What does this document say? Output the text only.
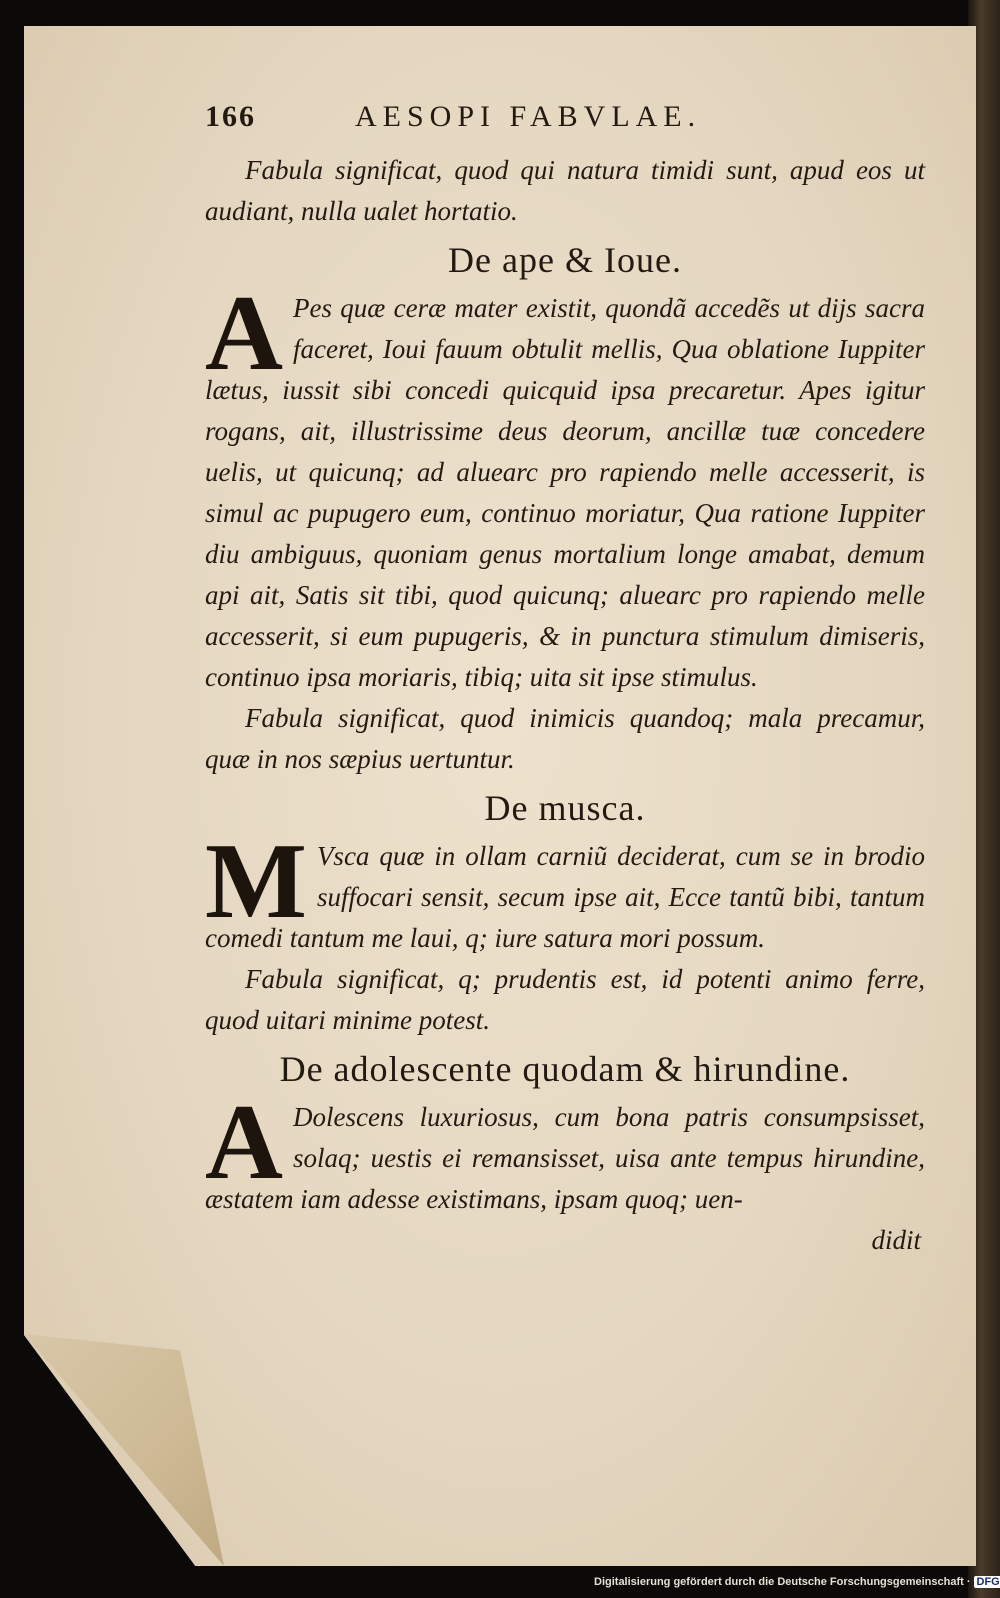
166	AESOPI FABVLAE.

Fabula significat, quod qui natura timidi sunt, apud eos ut audiant, nulla ualet hortatio.

De ape & Ioue.

A Pes quæ ceræ mater existit, quondã accedẽs ut dijs sacra faceret, Ioui fauum obtulit mellis, Qua oblatione Iuppiter lætus, iussit sibi concedi quicquid ipsa precaretur. Apes igitur rogans, ait, illustrissime deus deorum, ancillæ tuæ concedere uelis, ut quicunq; ad aluearc pro rapiendo melle accesserit, is simul ac pupugero eum, continuo moriatur, Qua ratione Iuppiter diu ambiguus, quoniam genus mortalium longe amabat, demum api ait, Satis sit tibi, quod quicunq; aluearc pro rapiendo melle accesserit, si eum pupugeris, & in punctura stimulum dimiseris, continuo ipsa moriaris, tibiq; uita sit ipse stimulus.

Fabula significat, quod inimicis quandoq; mala precamur, quæ in nos sæpius uertuntur.

De musca.

M Vsca quæ in ollam carniũ deciderat, cum se in brodio suffocari sensit, secum ipse ait, Ecce tantũ bibi, tantum comedi tantum me laui, q; iure satura mori possum.

Fabula significat, q; prudentis est, id potenti animo ferre, quod uitari minime potest.

De adolescente quodam & hirundine.

A Dolescens luxuriosus, cum bona patris consumpsisset, solaq; uestis ei remansisset, uisa ante tempus hirundine, æstatem iam adesse existimans, ipsam quoq; uen-

didit
Digitalisierung gefördert durch die Deutsche Forschungsgemeinschaft · DFG
